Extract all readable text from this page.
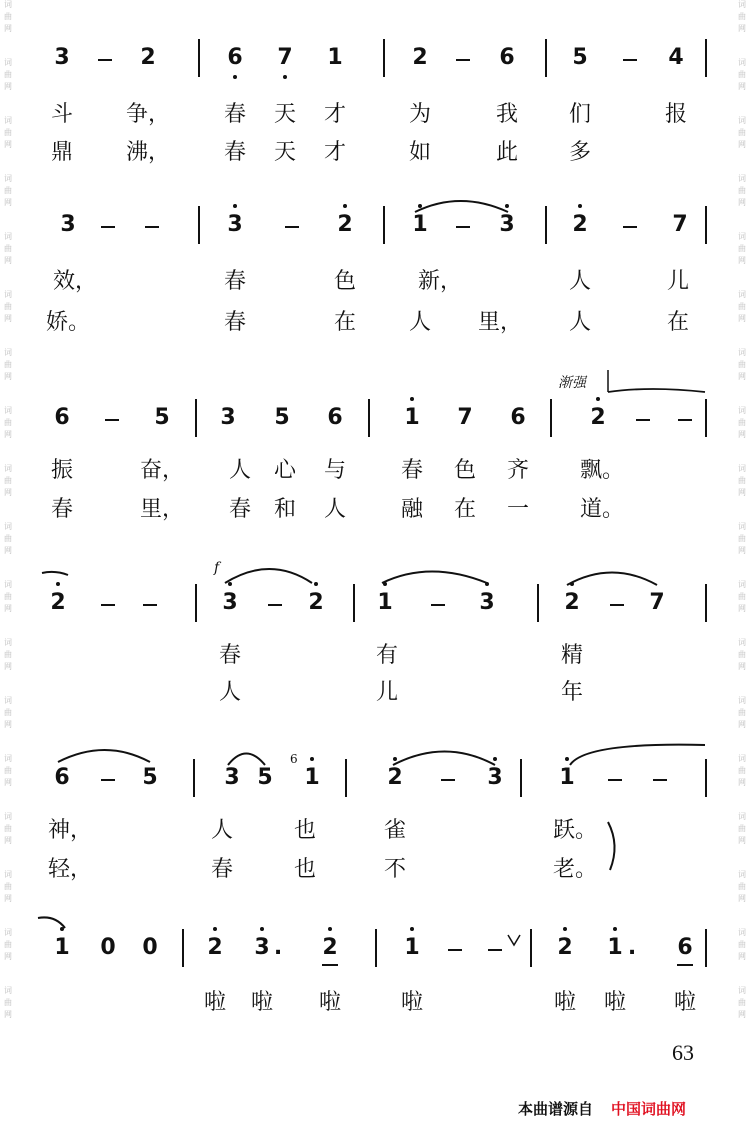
词
曲
网
词
曲
网
词
曲
网
词
曲
网
词
曲
网
词
曲
网
词
曲
网
词
曲
网
词
曲
网
词
曲
网
词
曲
网
词
曲
网
词
曲
网
词
曲
网
词
曲
网
词
曲
网
词
曲
网
词
曲
网
词
曲
网
词
曲
网
词
曲
网
词
曲
网
词
曲
网
词
曲
网
词
曲
网
词
曲
网
词
曲
网
词
曲
网
词
曲
网
词
曲
网
词
曲
网
词
曲
网
词
曲
网
词
曲
网
词
曲
网
词
曲
网
3	2	6 7 1	2	6	5	4
斗 争， 春 天 才	为	我 们	报
鼎 沸， 春 天 才	如	此 多
3	3	2	1	3	2	7
效，	春	色	新，	人	儿
娇。	春	在 人 里， 人	在
6	5 3 5 6	1 7 6	2
振	奋， 人 心 与 春 色 齐 飘。
春	里， 春 和 人 融 在 一 道。
2	3	2 1	3	2	7
春	有	精
人	儿	年
6	5	3 5 1	2	3	1
神，	人	也	雀	跃。
轻，	春	也	不	老。
1 0 0 2 3 . 2	1	2 1 . 6
啦 啦 啦	啦	啦 啦 啦
渐强
f
6
63
本曲谱源自 中国词曲网
